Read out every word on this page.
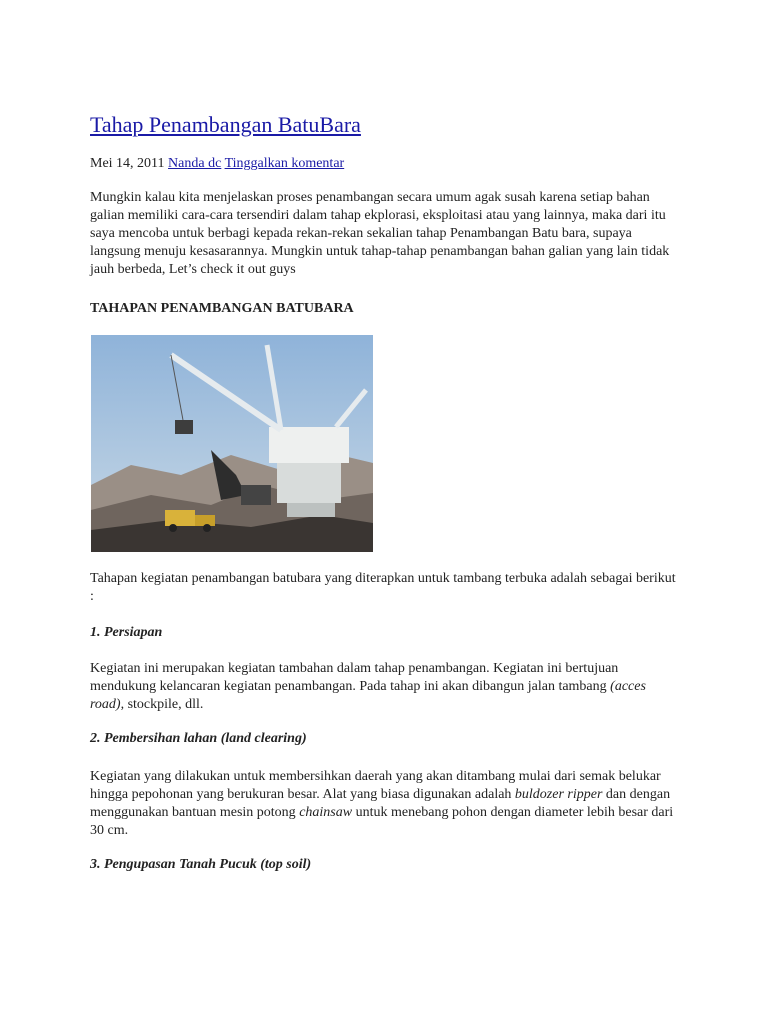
Tahap Penambangan BatuBara
Mei 14, 2011 Nanda dc Tinggalkan komentar

Mungkin kalau kita menjelaskan proses penambangan secara umum agak susah karena setiap bahan galian memiliki cara-cara tersendiri dalam tahap ekplorasi, eksploitasi atau yang lainnya, maka dari itu saya mencoba untuk berbagi kepada rekan-rekan sekalian tahap Penambangan Batu bara, supaya langsung menuju kesasarannya. Mungkin untuk tahap-tahap penambangan bahan galian yang lain tidak jauh berbeda, Let’s check it out guys

TAHAPAN PENAMBANGAN BATUBARA

Tahapan kegiatan penambangan batubara yang diterapkan untuk tambang terbuka adalah sebagai berikut :

1. Persiapan

Kegiatan ini merupakan kegiatan tambahan dalam tahap penambangan. Kegiatan ini bertujuan mendukung kelancaran kegiatan penambangan. Pada tahap ini akan dibangun jalan tambang (acces road), stockpile, dll.

2. Pembersihan lahan (land clearing)

Kegiatan yang dilakukan untuk membersihkan daerah yang akan ditambang mulai dari semak belukar hingga pepohonan yang berukuran besar. Alat yang biasa digunakan adalah buldozer ripper dan dengan menggunakan bantuan mesin potong chainsaw untuk menebang pohon dengan diameter lebih besar dari 30 cm.

3. Pengupasan Tanah Pucuk (top soil)
